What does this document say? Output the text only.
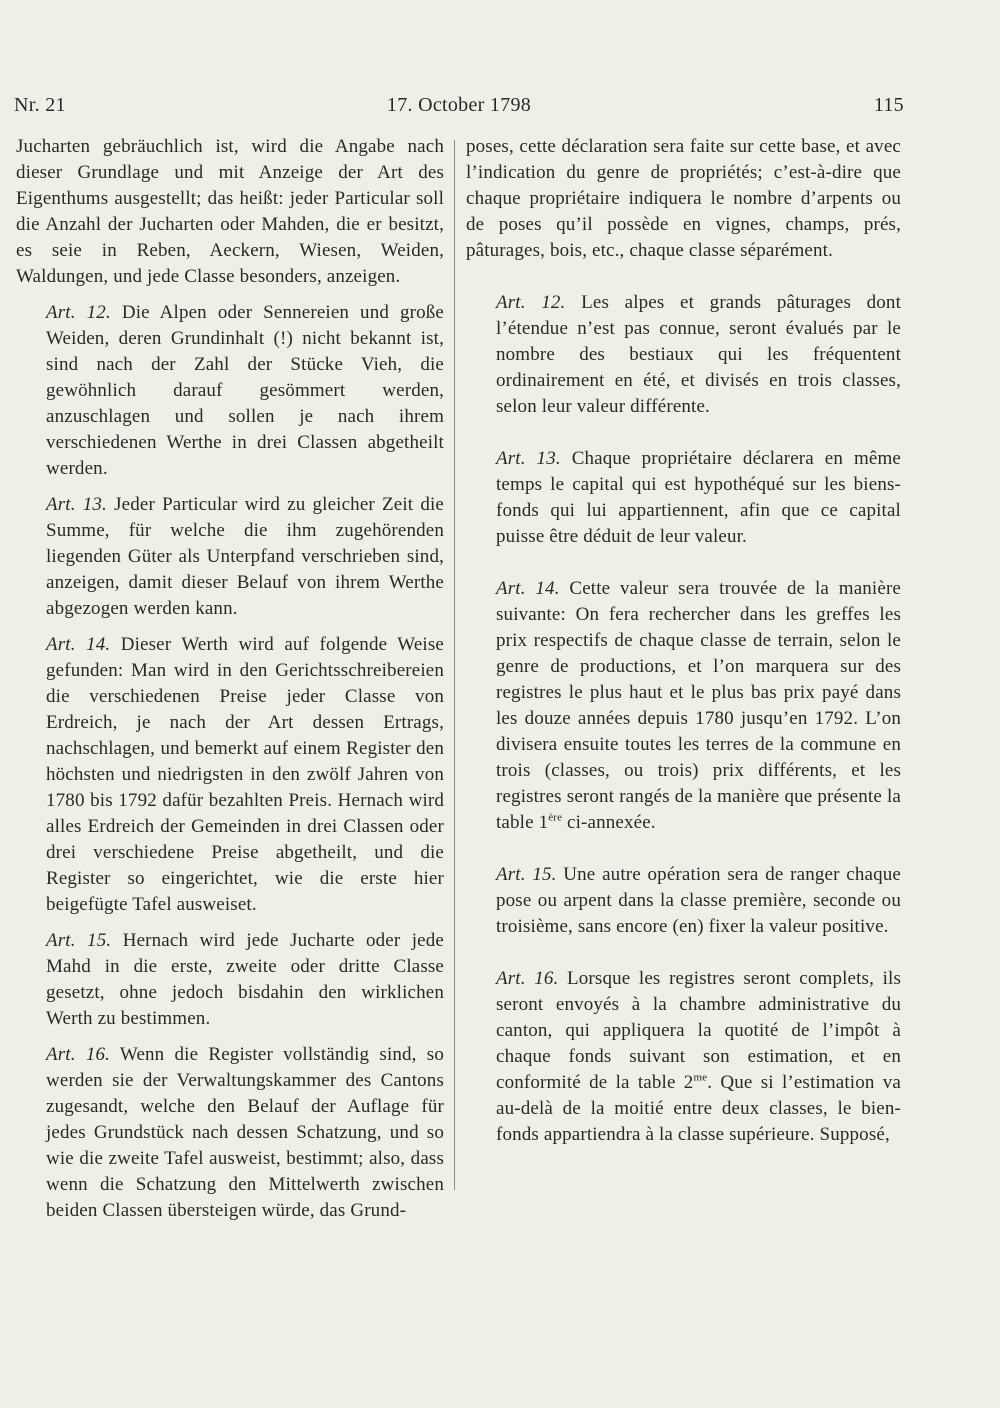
Nr. 21	17. October 1798	115

Jucharten gebräuchlich ist, wird die Angabe nach dieser Grundlage und mit Anzeige der Art des Eigenthums ausgestellt; das heißt: jeder Particular soll die Anzahl der Jucharten oder Mahden, die er besitzt, es seie in Reben, Aeckern, Wiesen, Weiden, Waldungen, und jede Classe besonders, anzeigen.

Art. 12. Die Alpen oder Sennereien und große Weiden, deren Grundinhalt (!) nicht bekannt ist, sind nach der Zahl der Stücke Vieh, die gewöhnlich darauf gesömmert werden, anzuschlagen und sollen je nach ihrem verschiedenen Werthe in drei Classen abgetheilt werden.

Art. 13. Jeder Particular wird zu gleicher Zeit die Summe, für welche die ihm zugehörenden liegenden Güter als Unterpfand verschrieben sind, anzeigen, damit dieser Belauf von ihrem Werthe abgezogen werden kann.

Art. 14. Dieser Werth wird auf folgende Weise gefunden: Man wird in den Gerichtsschreibereien die verschiedenen Preise jeder Classe von Erdreich, je nach der Art dessen Ertrags, nachschlagen, und bemerkt auf einem Register den höchsten und niedrigsten in den zwölf Jahren von 1780 bis 1792 dafür bezahlten Preis. Hernach wird alles Erdreich der Gemeinden in drei Classen oder drei verschiedene Preise abgetheilt, und die Register so eingerichtet, wie die erste hier beigefügte Tafel ausweiset.

Art. 15. Hernach wird jede Jucharte oder jede Mahd in die erste, zweite oder dritte Classe gesetzt, ohne jedoch bisdahin den wirklichen Werth zu bestimmen.

Art. 16. Wenn die Register vollständig sind, so werden sie der Verwaltungskammer des Cantons zugesandt, welche den Belauf der Auflage für jedes Grundstück nach dessen Schatzung, und so wie die zweite Tafel ausweist, bestimmt; also, dass wenn die Schatzung den Mittelwerth zwischen beiden Classen übersteigen würde, das Grund-

poses, cette déclaration sera faite sur cette base, et avec l’indication du genre de propriétés; c’est-à-dire que chaque propriétaire indiquera le nombre d’arpents ou de poses qu’il possède en vignes, champs, prés, pâturages, bois, etc., chaque classe séparément.

Art. 12. Les alpes et grands pâturages dont l’étendue n’est pas connue, seront évalués par le nombre des bestiaux qui les fréquentent ordinairement en été, et divisés en trois classes, selon leur valeur différente.

Art. 13. Chaque propriétaire déclarera en même temps le capital qui est hypothéqué sur les biens-fonds qui lui appartiennent, afin que ce capital puisse être déduit de leur valeur.

Art. 14. Cette valeur sera trouvée de la manière suivante: On fera rechercher dans les greffes les prix respectifs de chaque classe de terrain, selon le genre de productions, et l’on marquera sur des registres le plus haut et le plus bas prix payé dans les douze années depuis 1780 jusqu’en 1792. L’on divisera ensuite toutes les terres de la commune en trois (classes, ou trois) prix différents, et les registres seront rangés de la manière que présente la table 1ère ci-annexée.

Art. 15. Une autre opération sera de ranger chaque pose ou arpent dans la classe première, seconde ou troisième, sans encore (en) fixer la valeur positive.

Art. 16. Lorsque les registres seront complets, ils seront envoyés à la chambre administrative du canton, qui appliquera la quotité de l’impôt à chaque fonds suivant son estimation, et en conformité de la table $2^{me}$. Que si l’estimation va au-delà de la moitié entre deux classes, le bien-fonds appartiendra à la classe supérieure. Supposé,
